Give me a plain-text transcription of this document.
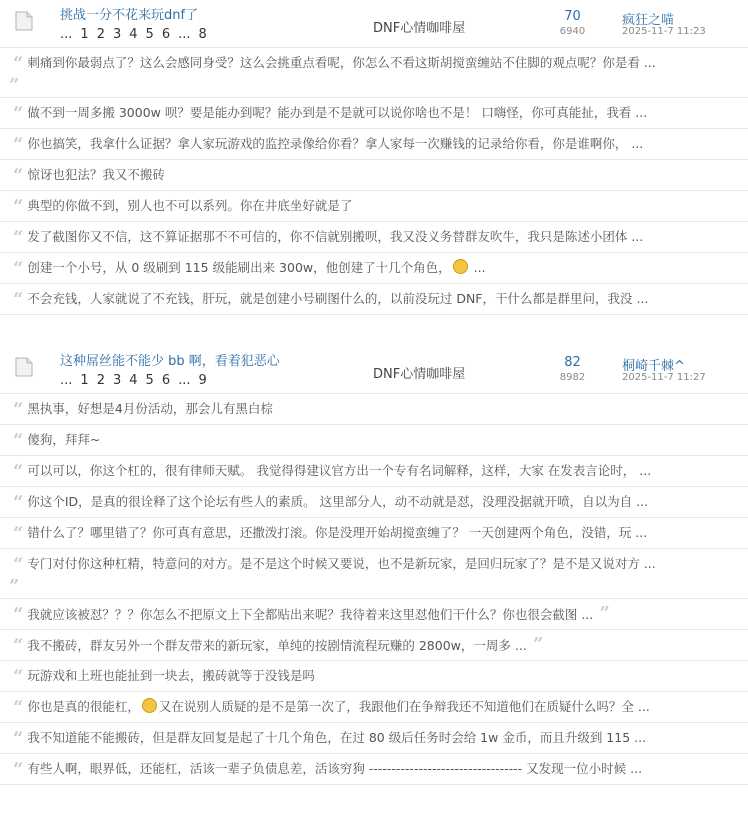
挑战一分不花来玩dnf了
... 1 2 3 4 5 6 ... 8	DNF心情咖啡屋
70
6940
疯狂之喵
2025-11-7 11:23
“ 刺痛到你最弱点了？这么会感同身受？这么会挑重点看呢，你怎么不看这斯胡搅蛮缠站不住脚的观点呢？你是看 ...
”
“ 做不到一周多搬 3000w 呗？要是能办到呢？能办到是不是就可以说你啥也不是！ 口嗨怪，你可真能扯，我看 ...
“ 你也搞笑，我拿什么证据？拿人家玩游戏的监控录像给你看？拿人家每一次赚钱的记录给你看，你是谁啊你， ...
“ 惊讶也犯法？我又不搬砖
“ 典型的你做不到，别人也不可以系列。你在井底坐好就是了
“ 发了截图你又不信，这不算证据那不不可信的，你不信就别搬呗，我又没义务替群友吹牛，我只是陈述小团体 ...
“ 创建一个小号，从 0 级刷到 115 级能刷出来 300w，他创建了十几个角色， ...
“ 不会充钱，人家就说了不充钱，肝玩，就是创建小号刷图什么的，以前没玩过 DNF，干什么都是群里问，我没 ...
这种屌丝能不能少 bb 啊，看着犯恶心
... 1 2 3 4 5 6 ... 9	DNF心情咖啡屋
82
8982
桐崎千棘^
2025-11-7 11:27
“ 黑执事，好想是4月份活动，那会儿有黑白棕
“ 傻狗，拜拜~
“ 可以可以，你这个杠的，很有律师天赋。 我觉得得建议官方出一个专有名词解释，这样，大家 在发表言论时， ...
“ 你这个ID，是真的很诠释了这个论坛有些人的素质。 这里部分人，动不动就是怼，没理没据就开喷，自以为自 ...
“ 错什么了？哪里错了？你可真有意思，还撒泼打滚。你是没理开始胡搅蛮缠了？ 一天创建两个角色，没错，玩 ...
“ 专门对付你这种杠精，特意问的对方。是不是这个时候又要说，也不是新玩家，是回归玩家了？是不是又说对方 ...
”
“ 我就应该被怼？？？你怎么不把原文上下全都贴出来呢？我待着来这里怼他们干什么？你也很会截图 ... ”
“ 我不搬砖，群友另外一个群友带来的新玩家，单纯的按剧情流程玩赚的 2800w，一周多 ... ”
“ 玩游戏和上班也能扯到一块去，搬砖就等于没钱是吗
“ 你也是真的很能杠， 又在说别人质疑的是不是第一次了，我跟他们在争辩我还不知道他们在质疑什么吗？全 ...
“ 我不知道能不能搬砖，但是群友回复是起了十几个角色，在过 80 级后任务时会给 1w 金币，而且升级到 115 ...
“ 有些人啊，眼界低，还能杠，活该一辈子负债息差，活该穷狗 ---------------------------------- 又发现一位小时候 ...
